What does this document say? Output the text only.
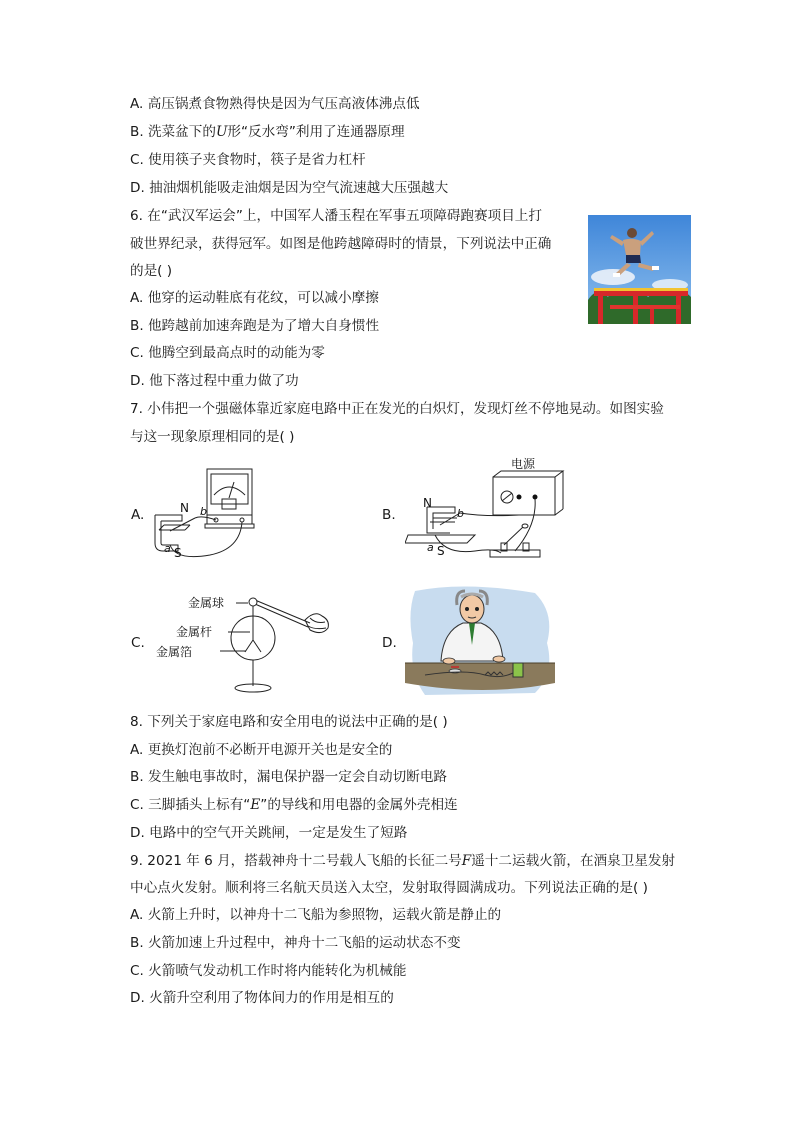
A. 高压锅煮食物熟得快是因为气压高液体沸点低
B. 洗菜盆下的U形“反水弯”利用了连通器原理
C. 使用筷子夹食物时，筷子是省力杠杆
D. 抽油烟机能吸走油烟是因为空气流速越大压强越大
6. 在“武汉军运会”上，中国军人潘玉程在军事五项障碍跑赛项目上打
破世界纪录，获得冠军。如图是他跨越障碍时的情景，下列说法中正确
的是( )
A. 他穿的运动鞋底有花纹，可以减小摩擦
B. 他跨越前加速奔跑是为了增大自身惯性
C. 他腾空到最高点时的动能为零
D. 他下落过程中重力做了功
7. 小伟把一个强磁体靠近家庭电路中正在发光的白炽灯，发现灯丝不停地晃动。如图实验
与这一现象原理相同的是( )
A.	B.
C.	D.
N
S
a
b
电源
N
S
a
b
金属球
金属杆
金属箔
8. 下列关于家庭电路和安全用电的说法中正确的是( )
A. 更换灯泡前不必断开电源开关也是安全的
B. 发生触电事故时，漏电保护器一定会自动切断电路
C. 三脚插头上标有“E”的导线和用电器的金属外壳相连
D. 电路中的空气开关跳闸，一定是发生了短路
9. 2021 年 6 月，搭载神舟十二号载人飞船的长征二号F遥十二运载火箭，在酒泉卫星发射
中心点火发射。顺利将三名航天员送入太空，发射取得圆满成功。下列说法正确的是( )
A. 火箭上升时，以神舟十二飞船为参照物，运载火箭是静止的
B. 火箭加速上升过程中，神舟十二飞船的运动状态不变
C. 火箭喷气发动机工作时将内能转化为机械能
D. 火箭升空利用了物体间力的作用是相互的
